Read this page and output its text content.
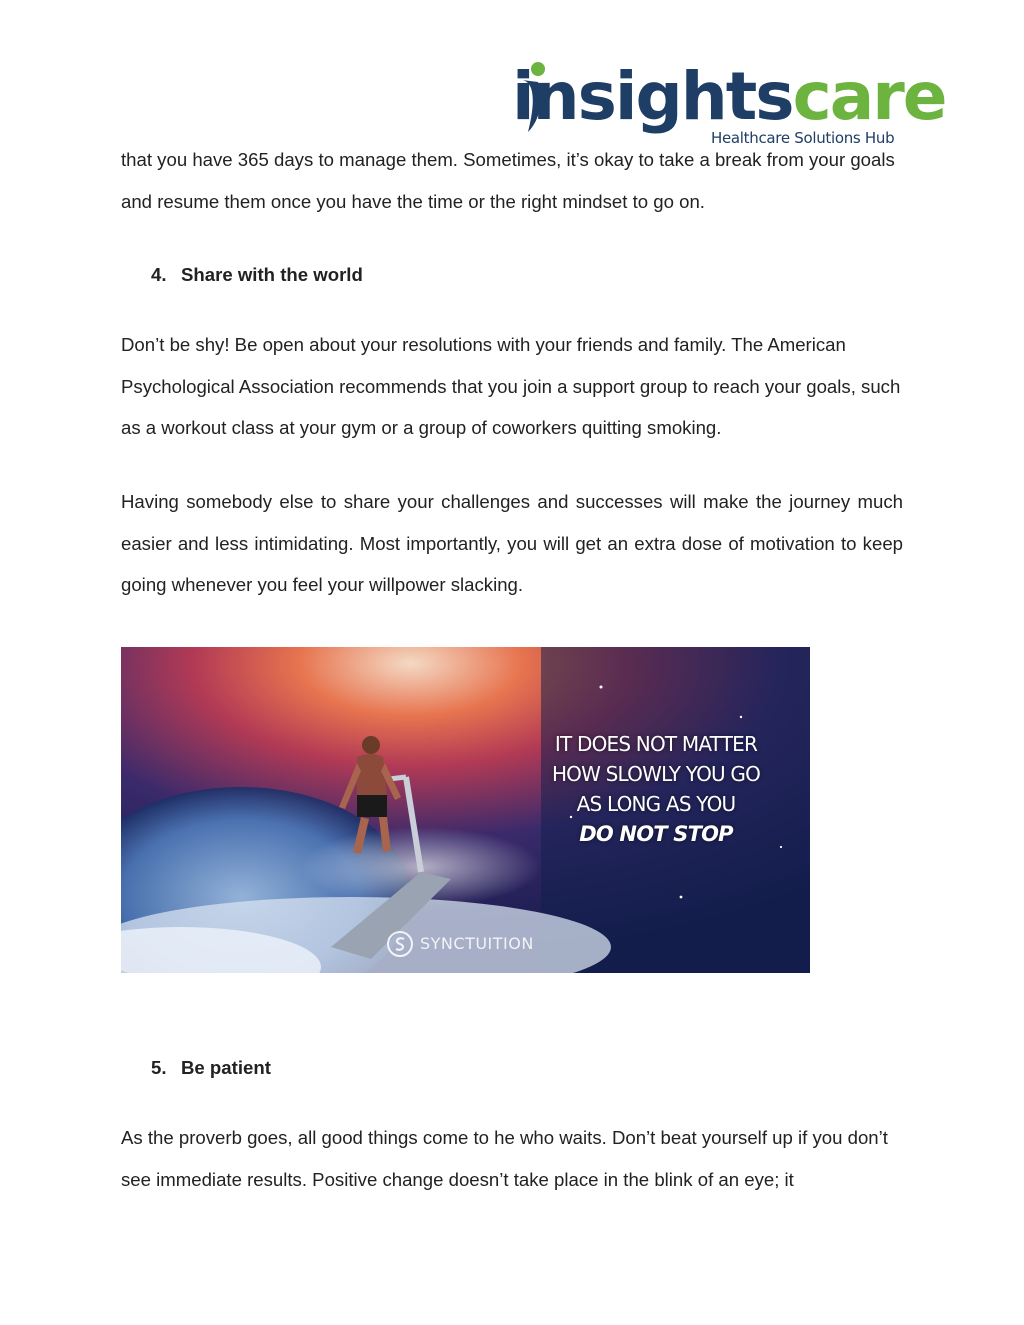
insightscare
Healthcare Solutions Hub

that you have 365 days to manage them. Sometimes, it’s okay to take a break from your goals and resume them once you have the time or the right mindset to go on.

4. Share with the world

Don’t be shy! Be open about your resolutions with your friends and family. The American Psychological Association recommends that you join a support group to reach your goals, such as a workout class at your gym or a group of coworkers quitting smoking.

Having somebody else to share your challenges and successes will make the journey much easier and less intimidating. Most importantly, you will get an extra dose of motivation to keep going whenever you feel your willpower slacking.

IT DOES NOT MATTER
HOW SLOWLY YOU GO
AS LONG AS YOU
DO NOT STOP
SYNCTUITION

5. Be patient

As the proverb goes, all good things come to he who waits. Don’t beat yourself up if you don’t see immediate results. Positive change doesn’t take place in the blink of an eye; it
